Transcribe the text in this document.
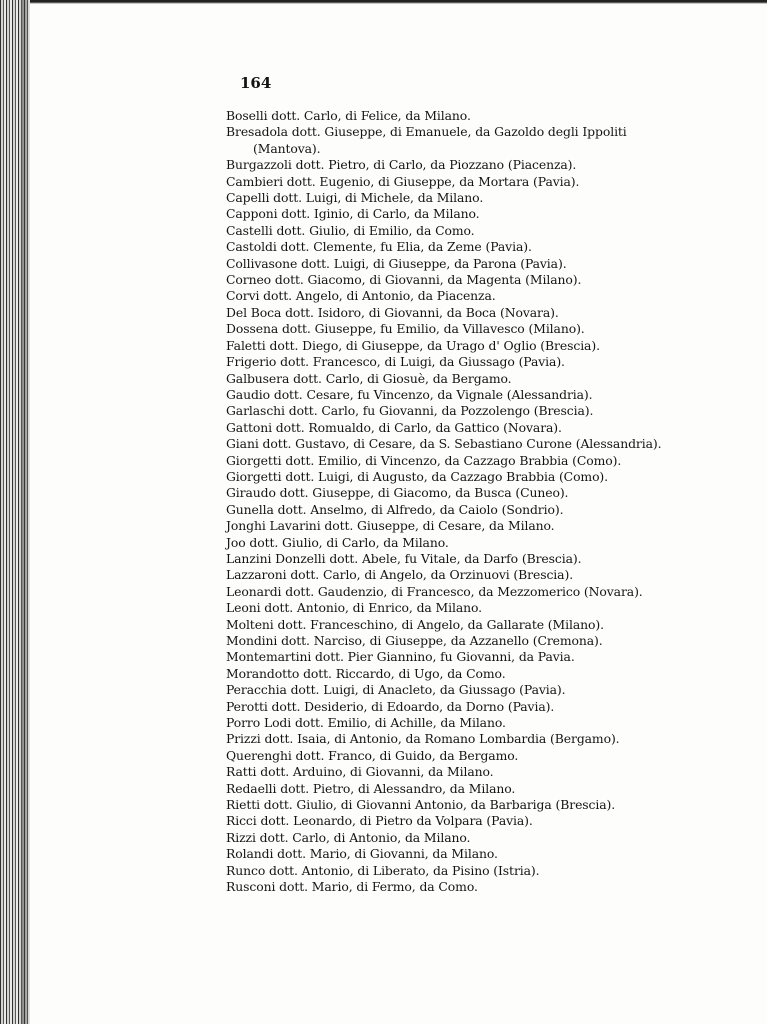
164

Boselli dott. Carlo, di Felice, da Milano.
Bresadola dott. Giuseppe, di Emanuele, da Gazoldo degli Ippoliti (Mantova).
Burgazzoli dott. Pietro, di Carlo, da Piozzano (Piacenza).
Cambieri dott. Eugenio, di Giuseppe, da Mortara (Pavia).
Capelli dott. Luigi, di Michele, da Milano.
Capponi dott. Iginio, di Carlo, da Milano.
Castelli dott. Giulio, di Emilio, da Como.
Castoldi dott. Clemente, fu Elia, da Zeme (Pavia).
Collivasone dott. Luigi, di Giuseppe, da Parona (Pavia).
Corneo dott. Giacomo, di Giovanni, da Magenta (Milano).
Corvi dott. Angelo, di Antonio, da Piacenza.
Del Boca dott. Isidoro, di Giovanni, da Boca (Novara).
Dossena dott. Giuseppe, fu Emilio, da Villavesco (Milano).
Faletti dott. Diego, di Giuseppe, da Urago d' Oglio (Brescia).
Frigerio dott. Francesco, di Luigi, da Giussago (Pavia).
Galbusera dott. Carlo, di Giosuè, da Bergamo.
Gaudio dott. Cesare, fu Vincenzo, da Vignale (Alessandria).
Garlaschi dott. Carlo, fu Giovanni, da Pozzolengo (Brescia).
Gattoni dott. Romualdo, di Carlo, da Gattico (Novara).
Giani dott. Gustavo, di Cesare, da S. Sebastiano Curone (Alessandria).
Giorgetti dott. Emilio, di Vincenzo, da Cazzago Brabbia (Como).
Giorgetti dott. Luigi, di Augusto, da Cazzago Brabbia (Como).
Giraudo dott. Giuseppe, di Giacomo, da Busca (Cuneo).
Gunella dott. Anselmo, di Alfredo, da Caiolo (Sondrio).
Jonghi Lavarini dott. Giuseppe, di Cesare, da Milano.
Joo dott. Giulio, di Carlo, da Milano.
Lanzini Donzelli dott. Abele, fu Vitale, da Darfo (Brescia).
Lazzaroni dott. Carlo, di Angelo, da Orzinuovi (Brescia).
Leonardi dott. Gaudenzio, di Francesco, da Mezzomerico (Novara).
Leoni dott. Antonio, di Enrico, da Milano.
Molteni dott. Franceschino, di Angelo, da Gallarate (Milano).
Mondini dott. Narciso, di Giuseppe, da Azzanello (Cremona).
Montemartini dott. Pier Giannino, fu Giovanni, da Pavia.
Morandotto dott. Riccardo, di Ugo, da Como.
Peracchia dott. Luigi, di Anacleto, da Giussago (Pavia).
Perotti dott. Desiderio, di Edoardo, da Dorno (Pavia).
Porro Lodi dott. Emilio, di Achille, da Milano.
Prizzi dott. Isaia, di Antonio, da Romano Lombardia (Bergamo).
Querenghi dott. Franco, di Guido, da Bergamo.
Ratti dott. Arduino, di Giovanni, da Milano.
Redaelli dott. Pietro, di Alessandro, da Milano.
Rietti dott. Giulio, di Giovanni Antonio, da Barbariga (Brescia).
Ricci dott. Leonardo, di Pietro da Volpara (Pavia).
Rizzi dott. Carlo, di Antonio, da Milano.
Rolandi dott. Mario, di Giovanni, da Milano.
Runco dott. Antonio, di Liberato, da Pisino (Istria).
Rusconi dott. Mario, di Fermo, da Como.
